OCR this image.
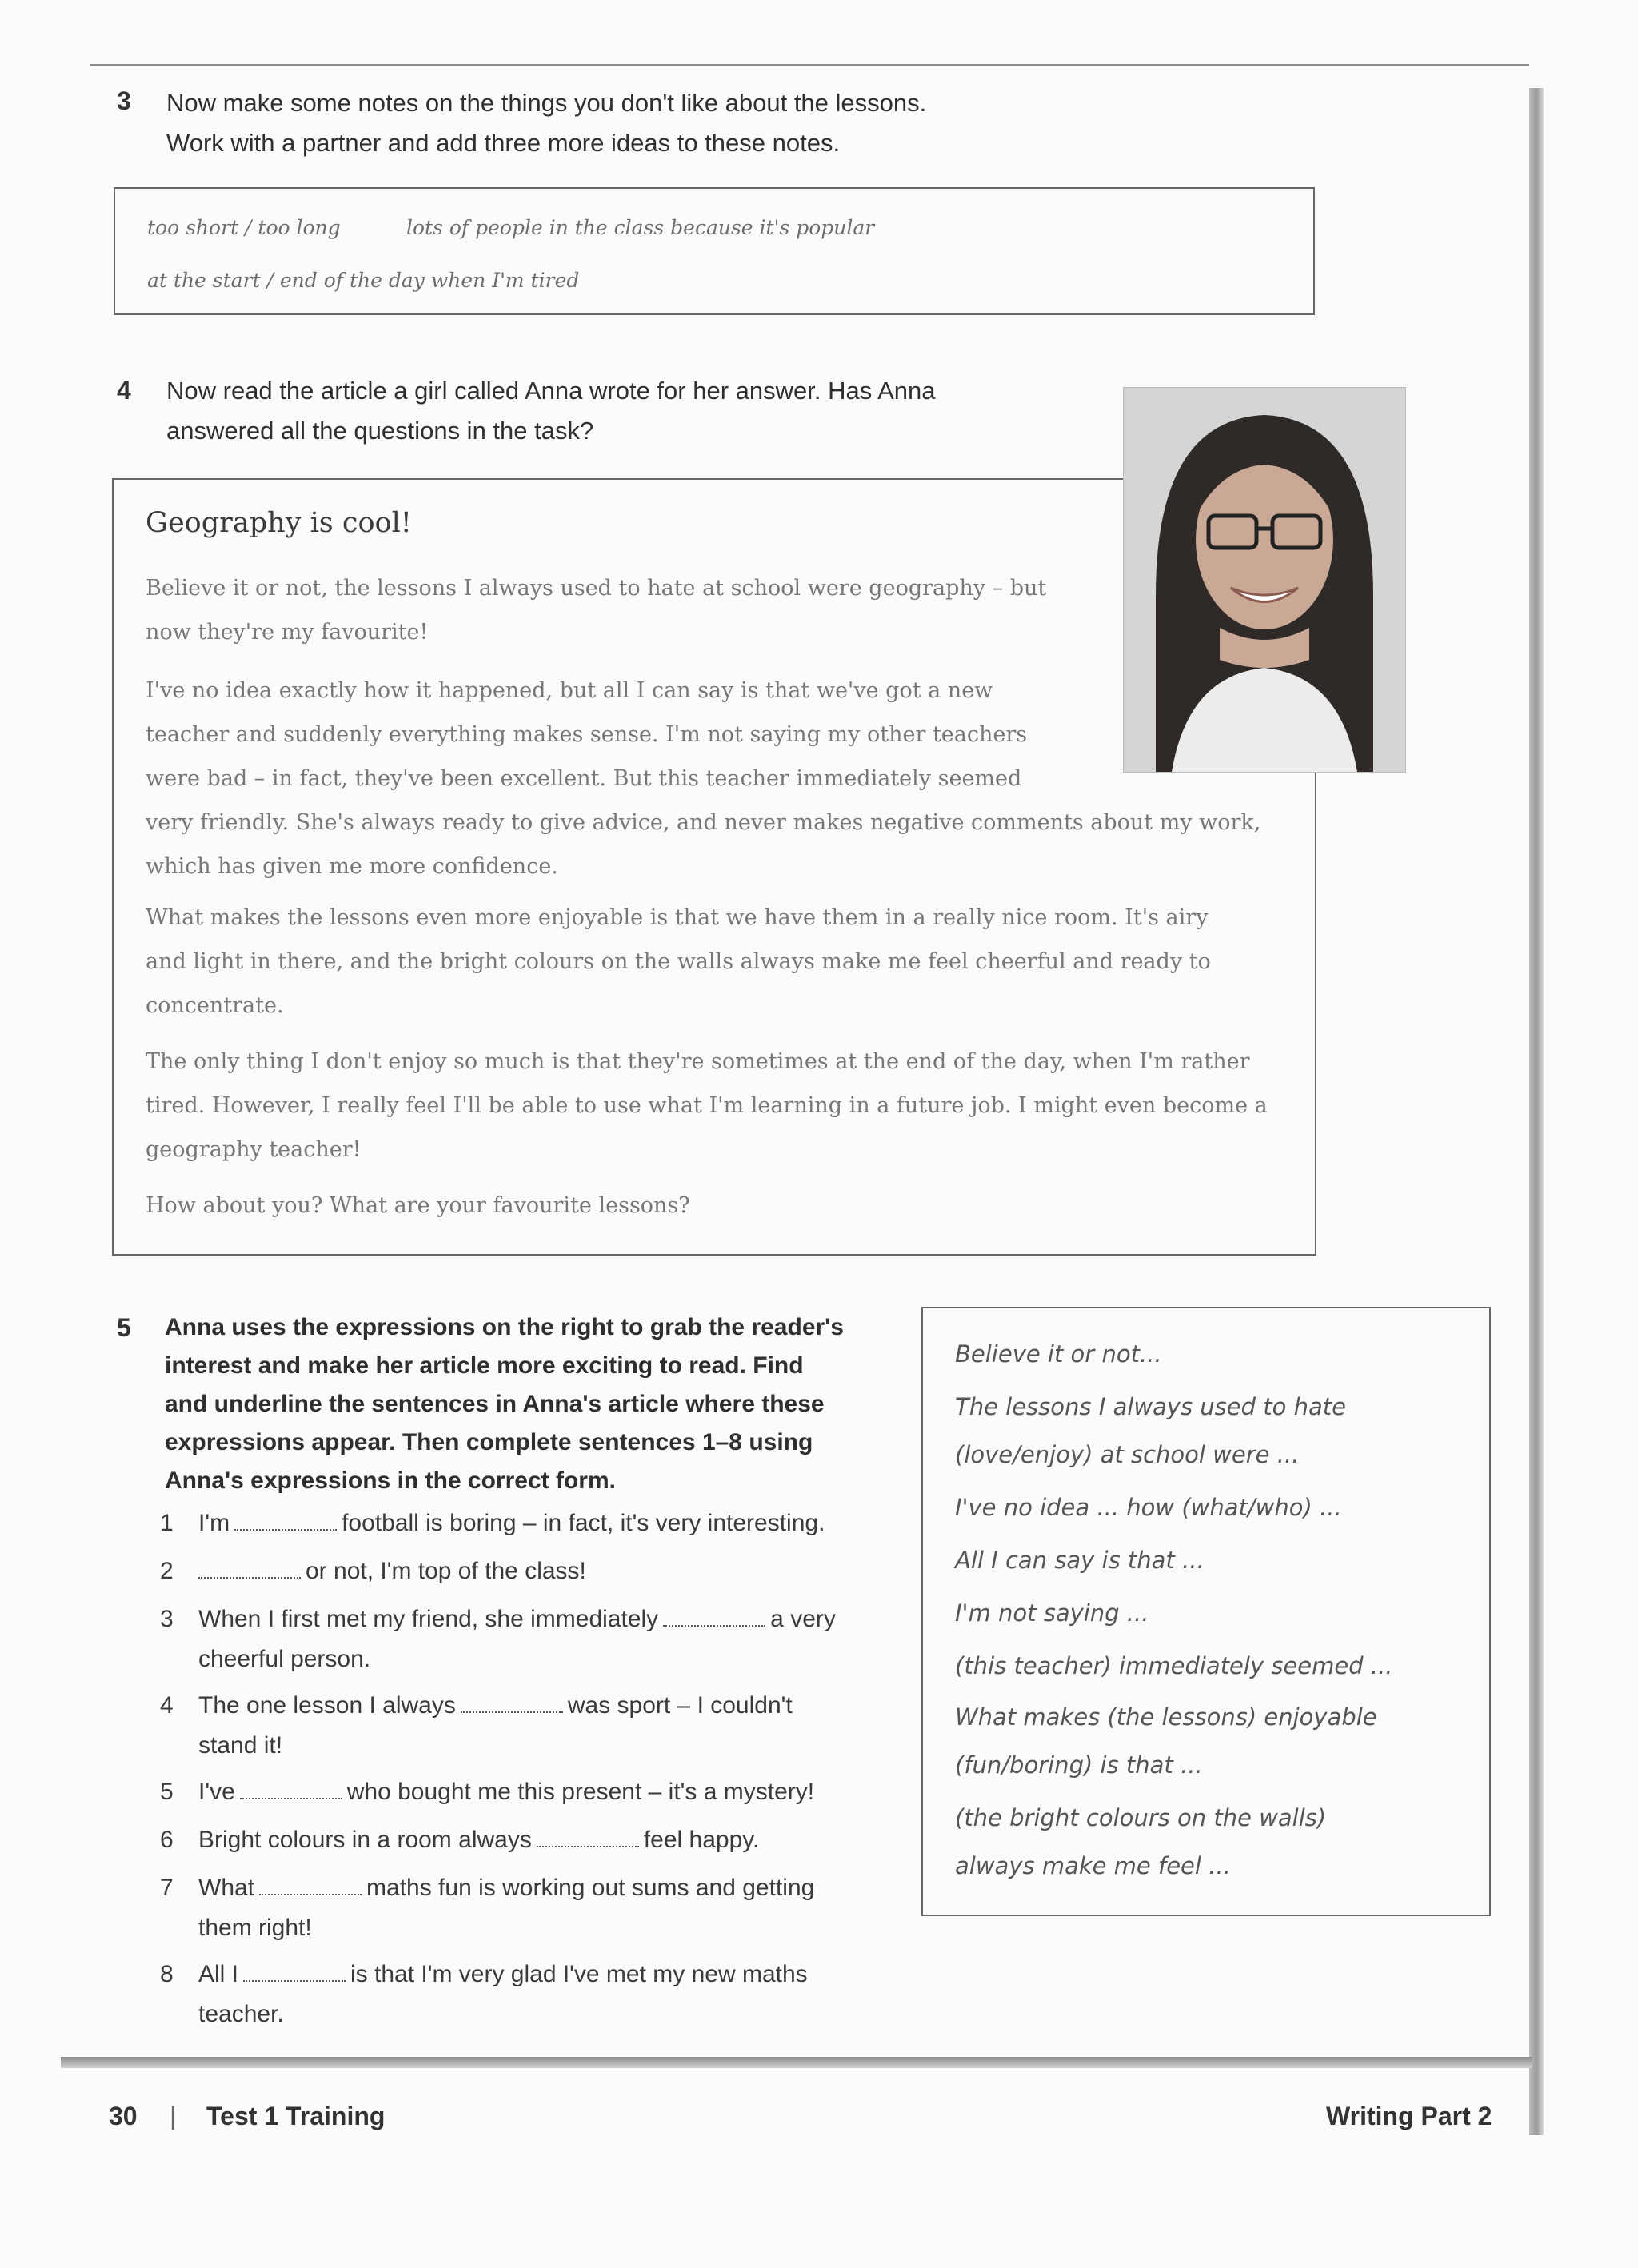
3 Now make some notes on the things you don't like about the lessons.
Work with a partner and add three more ideas to these notes.
too short / too long	lots of people in the class because it's popular
at the start / end of the day when I'm tired
4 Now read the article a girl called Anna wrote for her answer. Has Anna
answered all the questions in the task?
Geography is cool!
Believe it or not, the lessons I always used to hate at school were geography – but
now they're my favourite!
I've no idea exactly how it happened, but all I can say is that we've got a new
teacher and suddenly everything makes sense. I'm not saying my other teachers
were bad – in fact, they've been excellent. But this teacher immediately seemed
very friendly. She's always ready to give advice, and never makes negative comments about my work,
which has given me more confidence.
What makes the lessons even more enjoyable is that we have them in a really nice room. It's airy
and light in there, and the bright colours on the walls always make me feel cheerful and ready to
concentrate.
The only thing I don't enjoy so much is that they're sometimes at the end of the day, when I'm rather
tired. However, I really feel I'll be able to use what I'm learning in a future job. I might even become a
geography teacher!
How about you? What are your favourite lessons?
5 Anna uses the expressions on the right to grab the reader's
interest and make her article more exciting to read. Find
and underline the sentences in Anna's article where these
expressions appear. Then complete sentences 1–8 using
Anna's expressions in the correct form.
1	I'm	football is boring – in fact, it's very interesting.
2	or not, I'm top of the class!
3	When I first met my friend, she immediately	a very
cheerful person.
4	The one lesson I always	was sport – I couldn't
stand it!
5	I've	who bought me this present – it's a mystery!
6	Bright colours in a room always	feel happy.
7	What	maths fun is working out sums and getting
them right!
8	All I	is that I'm very glad I've met my new maths
teacher.
Believe it or not...
The lessons I always used to hate
(love/enjoy) at school were ...
I've no idea ... how (what/who) ...
All I can say is that ...
I'm not saying ...
(this teacher) immediately seemed ...
What makes (the lessons) enjoyable
(fun/boring) is that ...
(the bright colours on the walls)
always make me feel ...
30 | Test 1 Training	Writing Part 2
